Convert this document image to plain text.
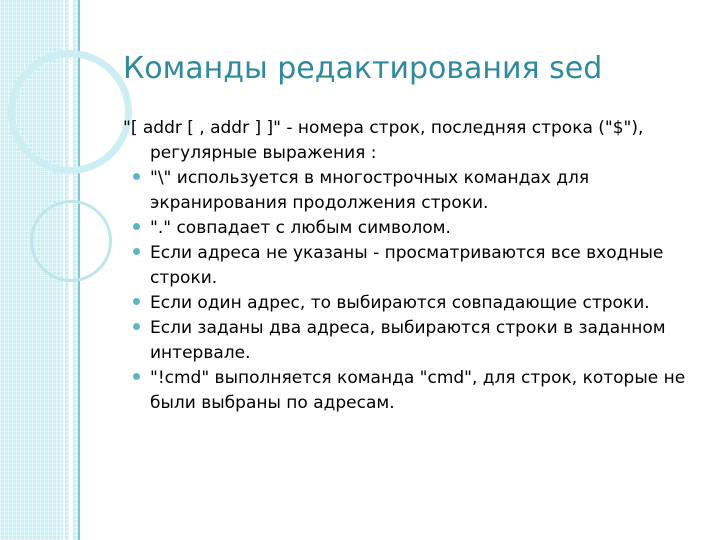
Команды редактирования sed
"[ addr [ , addr ] ]" - номера строк, последняя строка ("$"), регулярные выражения :
"\" используется в многострочных командах для экранирования продолжения строки.
"." совпадает с любым символом.
Если адреса не указаны - просматриваются все входные строки.
Если один адрес, то выбираются совпадающие строки.
Если заданы два адреса, выбираются строки в заданном интервале.
"!cmd" выполняется команда "cmd", для строк, которые не были выбраны по адресам.
